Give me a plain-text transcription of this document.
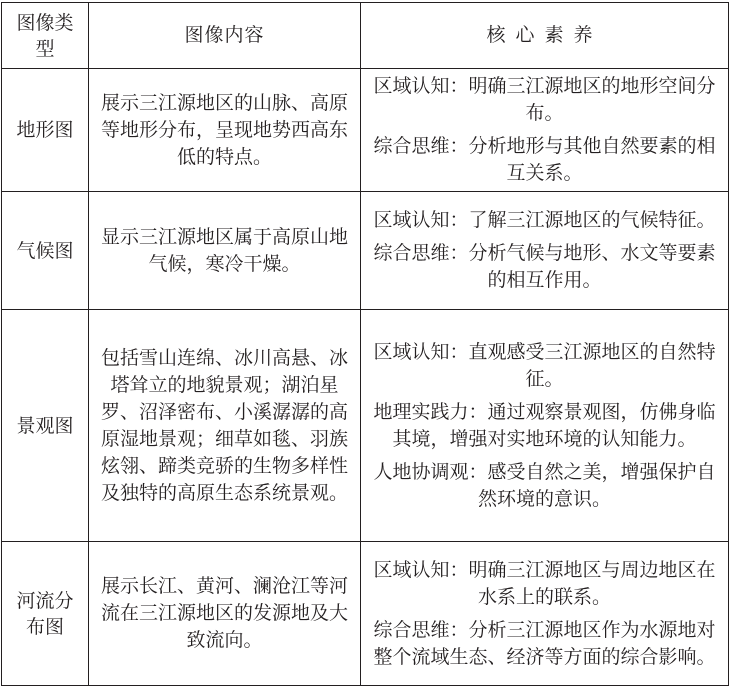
图像类型	图像内容	核心素养
地形图	展示三江源地区的山脉、高原等地形分布，呈现地势西高东低的特点。	区域认知：明确三江源地区的地形空间分布。
综合思维：分析地形与其他自然要素的相互关系。

气候图	显示三江源地区属于高原山地气候，寒冷干燥。	区域认知：了解三江源地区的气候特征。
综合思维：分析气候与地形、水文等要素的相互作用。

景观图	包括雪山连绵、冰川高悬、冰塔耸立的地貌景观；湖泊星罗、沼泽密布、小溪潺潺的高原湿地景观；细草如毯、羽族炫翎、蹄类竞骄的生物多样性及独特的高原生态系统景观。	区域认知：直观感受三江源地区的自然特征。
地理实践力：通过观察景观图，仿佛身临其境，增强对实地环境的认知能力。
人地协调观：感受自然之美，增强保护自然环境的意识。

河流分布图	展示长江、黄河、澜沧江等河流在三江源地区的发源地及大致流向。	区域认知：明确三江源地区与周边地区在水系上的联系。
综合思维：分析三江源地区作为水源地对整个流域生态、经济等方面的综合影响。
